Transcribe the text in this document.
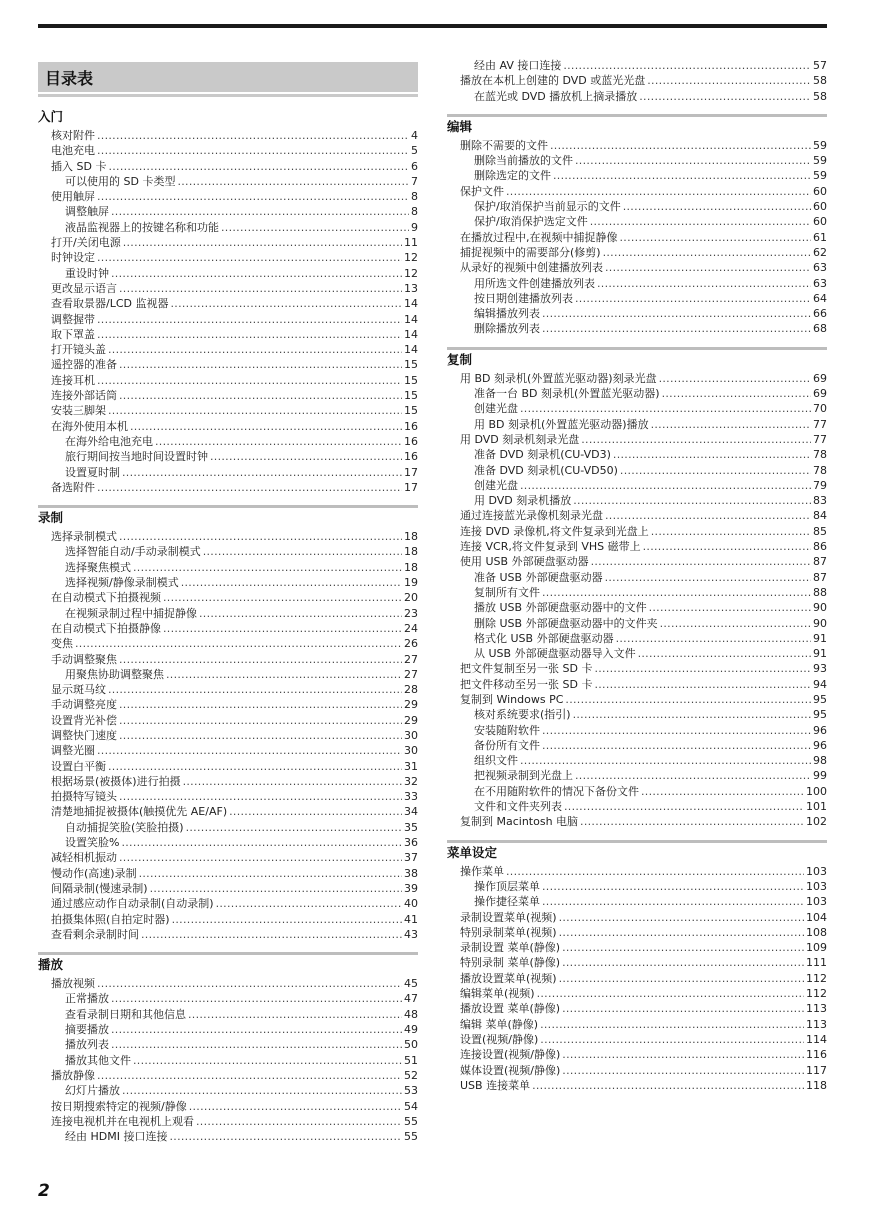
目录表
入门
核对附件 .....	4
电池充电 .....	5
插入 SD 卡 .....	6
可以使用的 SD 卡类型 .....	7
使用触屏 .....	8
调整触屏 .....	8
液晶监视器上的按键名称和功能 .....	9
打开/关闭电源 .....	11
时钟设定 .....	12
重设时钟 .....	12
更改显示语言 .....	13
查看取景器/LCD 监视器 .....	14
调整握带 .....	14
取下罩盖 .....	14
打开镜头盖 .....	14
遥控器的准备 .....	15
连接耳机 .....	15
连接外部话筒 .....	15
安装三脚架 .....	15
在海外使用本机 .....	16
在海外给电池充电 .....	16
旅行期间按当地时间设置时钟 .....	16
设置夏时制 .....	17
备选附件 .....	17
录制
选择录制模式 .....	18
选择智能自动/手动录制模式 .....	18
选择聚焦模式 .....	18
选择视频/静像录制模式 .....	19
在自动模式下拍摄视频 .....	20
在视频录制过程中捕捉静像 .....	23
在自动模式下拍摄静像 .....	24
变焦 .....	26
手动调整聚焦 .....	27
用聚焦协助调整聚焦 .....	27
显示斑马纹 .....	28
手动调整亮度 .....	29
设置背光补偿 .....	29
调整快门速度 .....	30
调整光圈 .....	30
设置白平衡 .....	31
根据场景(被摄体)进行拍摄 .....	32
拍摄特写镜头 .....	33
清楚地捕捉被摄体(触摸优先 AE/AF) .....	34
自动捕捉笑脸(笑脸拍摄) .....	35
设置笑脸% .....	36
减轻相机振动 .....	37
慢动作(高速)录制 .....	38
间隔录制(慢速录制) .....	39
通过感应动作自动录制(自动录制) .....	40
拍摄集体照(自拍定时器) .....	41
查看剩余录制时间 .....	43
播放
播放视频 .....	45
正常播放 .....	47
查看录制日期和其他信息 .....	48
摘要播放 .....	49
播放列表 .....	50
播放其他文件 .....	51
播放静像 .....	52
幻灯片播放 .....	53
按日期搜索特定的视频/静像 .....	54
连接电视机并在电视机上观看 .....	55
经由 HDMI 接口连接 .....	55
经由 AV 接口连接 .....	57
播放在本机上创建的 DVD 或蓝光光盘 .....	58
在蓝光或 DVD 播放机上摘录播放 .....	58
编辑
删除不需要的文件 .....	59
删除当前播放的文件 .....	59
删除选定的文件 .....	59
保护文件 .....	60
保护/取消保护当前显示的文件 .....	60
保护/取消保护选定文件 .....	60
在播放过程中,在视频中捕捉静像 .....	61
捕捉视频中的需要部分(修剪) .....	62
从录好的视频中创建播放列表 .....	63
用所选文件创建播放列表 .....	63
按日期创建播放列表 .....	64
编辑播放列表 .....	66
删除播放列表 .....	68
复制
用 BD 刻录机(外置蓝光驱动器)刻录光盘 .....	69
准备一台 BD 刻录机(外置蓝光驱动器) .....	69
创建光盘 .....	70
用 BD 刻录机(外置蓝光驱动器)播放 .....	77
用 DVD 刻录机刻录光盘 .....	77
准备 DVD 刻录机(CU-VD3) .....	78
准备 DVD 刻录机(CU-VD50) .....	78
创建光盘 .....	79
用 DVD 刻录机播放 .....	83
通过连接蓝光录像机刻录光盘 .....	84
连接 DVD 录像机,将文件复录到光盘上 .....	85
连接 VCR,将文件复录到 VHS 磁带上 .....	86
使用 USB 外部硬盘驱动器 .....	87
准备 USB 外部硬盘驱动器 .....	87
复制所有文件 .....	88
播放 USB 外部硬盘驱动器中的文件 .....	90
删除 USB 外部硬盘驱动器中的文件夹 .....	90
格式化 USB 外部硬盘驱动器 .....	91
从 USB 外部硬盘驱动器导入文件 .....	91
把文件复制至另一张 SD 卡 .....	93
把文件移动至另一张 SD 卡 .....	94
复制到 Windows PC .....	95
核对系统要求(指引) .....	95
安装随附软件 .....	96
备份所有文件 .....	96
组织文件 .....	98
把视频录制到光盘上 .....	99
在不用随附软件的情况下备份文件 .....	100
文件和文件夹列表 .....	101
复制到 Macintosh 电脑 .....	102
菜单设定
操作菜单 .....	103
操作顶层菜单 .....	103
操作捷径菜单 .....	103
录制设置菜单(视频) .....	104
特别录制菜单(视频) .....	108
录制设置 菜单(静像) .....	109
特别录制 菜单(静像) .....	111
播放设置菜单(视频) .....	112
编辑菜单(视频) .....	112
播放设置 菜单(静像) .....	113
编辑 菜单(静像) .....	113
设置(视频/静像) .....	114
连接设置(视频/静像) .....	116
媒体设置(视频/静像) .....	117
USB 连接菜单 .....	118
2
